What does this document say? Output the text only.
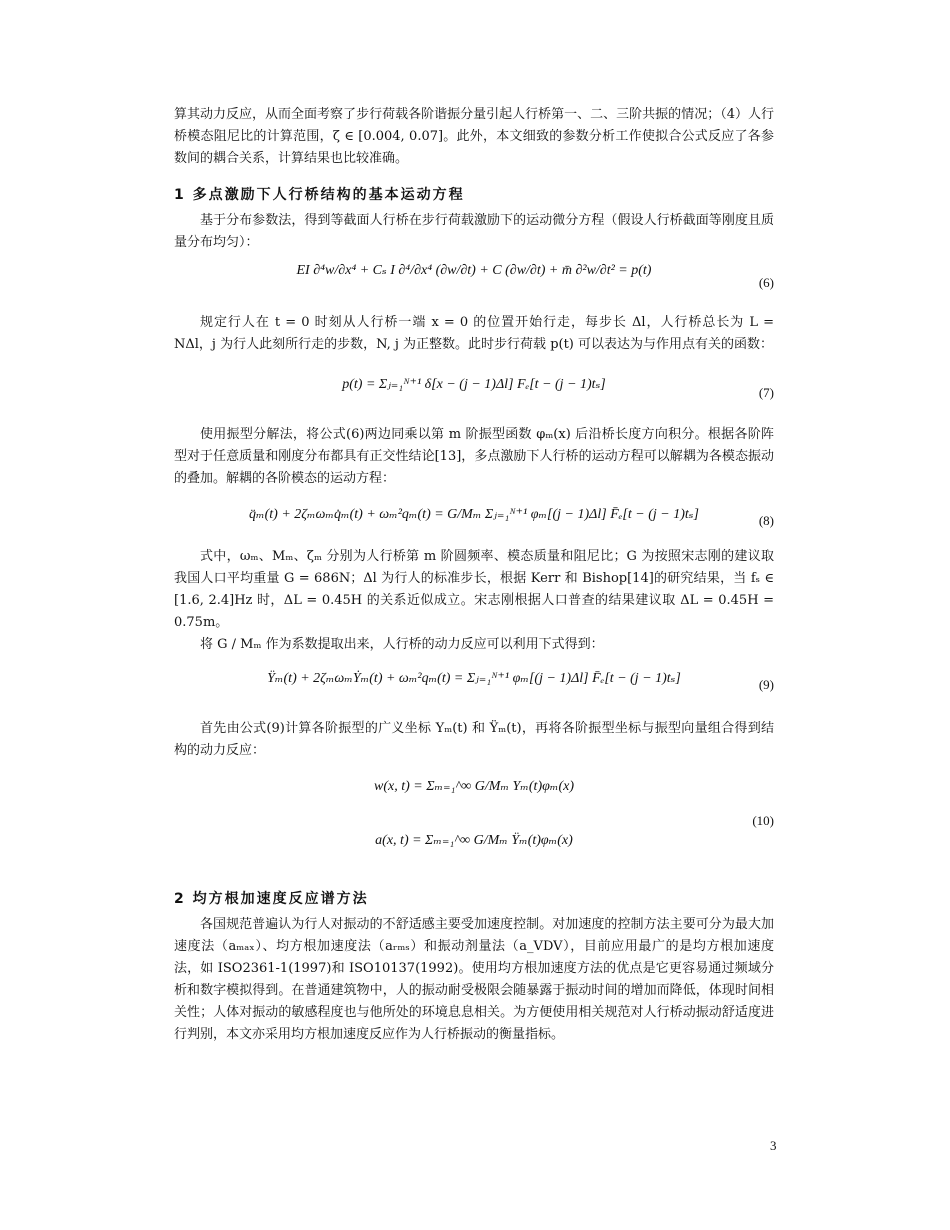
算其动力反应，从而全面考察了步行荷载各阶谐振分量引起人行桥第一、二、三阶共振的情况；（4）人行桥模态阻尼比的计算范围，ζ ∈ [0.004, 0.07]。此外，本文细致的参数分析工作使拟合公式反应了各参数间的耦合关系，计算结果也比较准确。

1 多点激励下人行桥结构的基本运动方程

基于分布参数法，得到等截面人行桥在步行荷载激励下的运动微分方程（假设人行桥截面等刚度且质量分布均匀）：

EI ∂⁴w/∂x⁴ + Cₛ I ∂⁴/∂x⁴ (∂w/∂t) + C (∂w/∂t) + m̄ ∂²w/∂t² = p(t)
(6)

规定行人在 t = 0 时刻从人行桥一端 x = 0 的位置开始行走，每步长 Δl，人行桥总长为 L = NΔl，j 为行人此刻所行走的步数，N, j 为正整数。此时步行荷载 p(t) 可以表达为与作用点有关的函数：

p(t) = Σⱼ₌₁ᴺ⁺¹ δ[x − (j − 1)Δl] Fₑ[t − (j − 1)tₛ]
(7)

使用振型分解法，将公式(6)两边同乘以第 m 阶振型函数 φₘ(x) 后沿桥长度方向积分。根据各阶阵型对于任意质量和刚度分布都具有正交性结论[13]，多点激励下人行桥的运动方程可以解耦为各模态振动的叠加。解耦的各阶模态的运动方程：

q̈ₘ(t) + 2ζₘωₘq̇ₘ(t) + ωₘ²qₘ(t) = G/Mₘ Σⱼ₌₁ᴺ⁺¹ φₘ[(j − 1)Δl] F̄ₑ[t − (j − 1)tₛ]	(8)

式中，ωₘ、Mₘ、ζₘ 分别为人行桥第 m 阶圆频率、模态质量和阻尼比；G 为按照宋志刚的建议取我国人口平均重量 G = 686N；Δl 为行人的标准步长，根据 Kerr 和 Bishop[14]的研究结果，当 fₛ ∈ [1.6, 2.4]Hz 时，ΔL = 0.45H 的关系近似成立。宋志刚根据人口普查的结果建议取 ΔL = 0.45H = 0.75m。

将 G / Mₘ 作为系数提取出来，人行桥的动力反应可以利用下式得到：

Ÿₘ(t) + 2ζₘωₘẎₘ(t) + ωₘ²qₘ(t) = Σⱼ₌₁ᴺ⁺¹ φₘ[(j − 1)Δl] F̄ₑ[t − (j − 1)tₛ]	(9)

首先由公式(9)计算各阶振型的广义坐标 Yₘ(t) 和 Ÿₘ(t)，再将各阶振型坐标与振型向量组合得到结构的动力反应：

w(x, t) = Σₘ₌₁^∞ G/Mₘ Yₘ(t)φₘ(x)
a(x, t) = Σₘ₌₁^∞ G/Mₘ Ÿₘ(t)φₘ(x)
(10)
2 均方根加速度反应谱方法

各国规范普遍认为行人对振动的不舒适感主要受加速度控制。对加速度的控制方法主要可分为最大加速度法（aₘₐₓ）、均方根加速度法（aᵣₘₛ）和振动剂量法（a_VDV），目前应用最广的是均方根加速度法，如 ISO2361-1(1997)和 ISO10137(1992)。使用均方根加速度方法的优点是它更容易通过频域分析和数字模拟得到。在普通建筑物中，人的振动耐受极限会随暴露于振动时间的增加而降低，体现时间相关性；人体对振动的敏感程度也与他所处的环境息息相关。为方便使用相关规范对人行桥动振动舒适度进行判别，本文亦采用均方根加速度反应作为人行桥振动的衡量指标。

3
